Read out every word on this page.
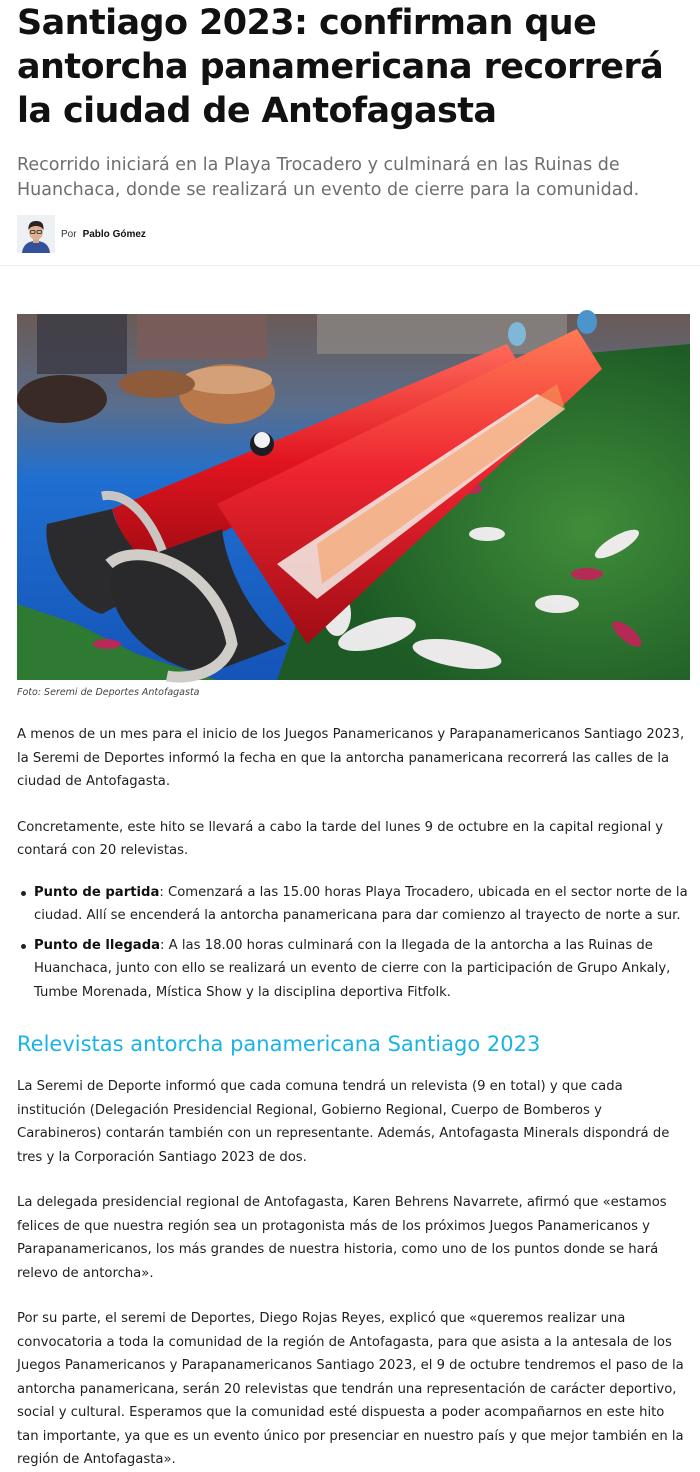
Santiago 2023: confirman que antorcha panamericana recorrerá la ciudad de Antofagasta
Recorrido iniciará en la Playa Trocadero y culminará en las Ruinas de Huanchaca, donde se realizará un evento de cierre para la comunidad.
Por Pablo Gómez
Foto: Seremi de Deportes Antofagasta

A menos de un mes para el inicio de los Juegos Panamericanos y Parapanamericanos Santiago 2023, la Seremi de Deportes informó la fecha en que la antorcha panamericana recorrerá las calles de la ciudad de Antofagasta.

Concretamente, este hito se llevará a cabo la tarde del lunes 9 de octubre en la capital regional y contará con 20 relevistas.

Punto de partida: Comenzará a las 15.00 horas Playa Trocadero, ubicada en el sector norte de la ciudad. Allí se encenderá la antorcha panamericana para dar comienzo al trayecto de norte a sur.
Punto de llegada: A las 18.00 horas culminará con la llegada de la antorcha a las Ruinas de Huanchaca, junto con ello se realizará un evento de cierre con la participación de Grupo Ankaly, Tumbe Morenada, Mística Show y la disciplina deportiva Fitfolk.
Relevistas antorcha panamericana Santiago 2023

La Seremi de Deporte informó que cada comuna tendrá un relevista (9 en total) y que cada institución (Delegación Presidencial Regional, Gobierno Regional, Cuerpo de Bomberos y Carabineros) contarán también con un representante. Además, Antofagasta Minerals dispondrá de tres y la Corporación Santiago 2023 de dos.

La delegada presidencial regional de Antofagasta, Karen Behrens Navarrete, afirmó que «estamos felices de que nuestra región sea un protagonista más de los próximos Juegos Panamericanos y Parapanamericanos, los más grandes de nuestra historia, como uno de los puntos donde se hará relevo de antorcha».

Por su parte, el seremi de Deportes, Diego Rojas Reyes, explicó que «queremos realizar una convocatoria a toda la comunidad de la región de Antofagasta, para que asista a la antesala de los Juegos Panamericanos y Parapanamericanos Santiago 2023, el 9 de octubre tendremos el paso de la antorcha panamericana, serán 20 relevistas que tendrán una representación de carácter deportivo, social y cultural. Esperamos que la comunidad esté dispuesta a poder acompañarnos en este hito tan importante, ya que es un evento único por presenciar en nuestro país y que mejor también en la región de Antofagasta».
